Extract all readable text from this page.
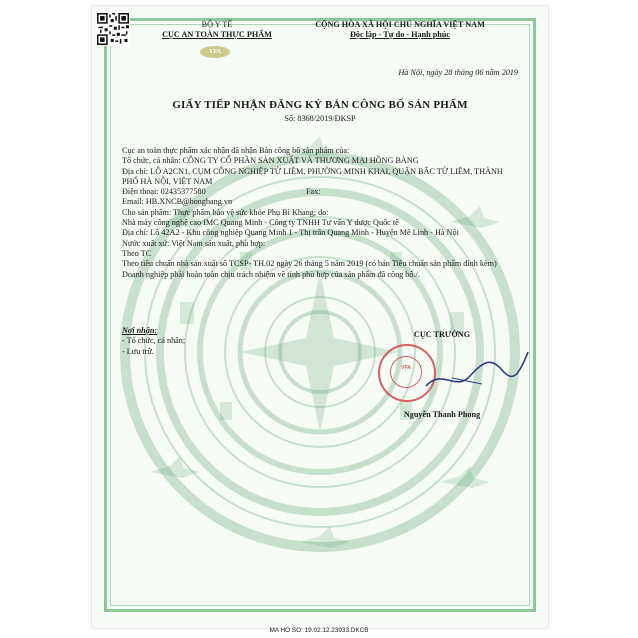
BỘ Y TẾ
CỤC AN TOÀN THỰC PHẨM
VFA
CỘNG HÒA XÃ HỘI CHỦ NGHĨA VIỆT NAM
Độc lập - Tự do - Hạnh phúc
Hà Nội, ngày 28 tháng 06 năm 2019
GIẤY TIẾP NHẬN ĐĂNG KÝ BẢN CÔNG BỐ SẢN PHẨM
Số: 8368/2019/ĐKSP
Cục an toàn thực phẩm xác nhận đã nhận Bản công bố sản phẩm của:
Tổ chức, cá nhân: CÔNG TY CỔ PHẦN SẢN XUẤT VÀ THƯƠNG MẠI HỒNG BÀNG
Địa chỉ: LÔ A2CN1, CỤM CÔNG NGHIỆP TỪ LIÊM, PHƯỜNG MINH KHAI, QUẬN BẮC TỪ LIÊM, THÀNH PHỐ HÀ NỘI, VIỆT NAM
Điện thoại: 02435377580	Fax:
Email: HB.XNCB@hongbang.vn
Cho sản phẩm: Thực phẩm bảo vệ sức khỏe Phụ Bì Khang; do:
Nhà máy công nghệ cao IMC Quang Minh - Công ty TNHH Tư vấn Y dược Quốc tế
Địa chỉ: Lô 42A2 - Khu công nghiệp Quang Minh 1 - Thị trấn Quang Minh - Huyện Mê Linh - Hà Nội
Nước xuất xứ: Việt Nam sản xuất, phù hợp:
Theo TC
Theo tiêu chuẩn nhà sản xuất số TCSP- TH.02 ngày 26 tháng 5 năm 2019 (có bản Tiêu chuẩn sản phẩm đính kèm)
Doanh nghiệp phải hoàn toàn chịu trách nhiệm về tính phù hợp của sản phẩm đã công bố./.
Nơi nhận:
- Tổ chức, cá nhân;
- Lưu trữ.
CỤC TRƯỞNG
VFA
Nguyễn Thanh Phong
MA HO SO: 19.02.12.23933.DKCB
